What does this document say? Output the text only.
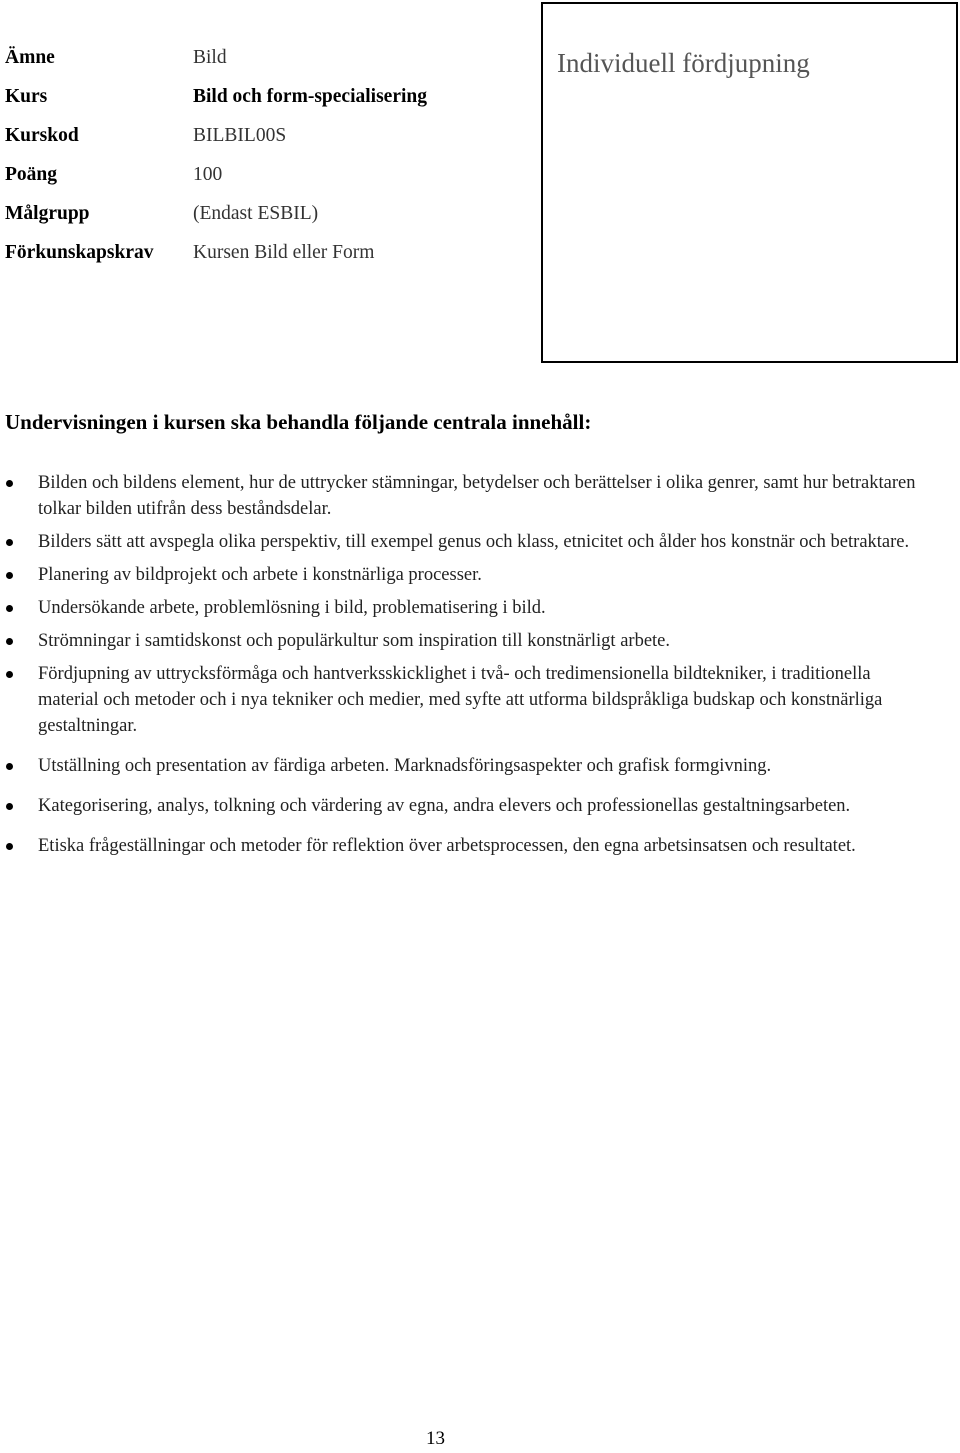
Ämne	Bild
Kurs	Bild och form-specialisering
Kurskod	BILBIL00S
Poäng	100
Målgrupp	(Endast ESBIL)
Förkunskapskrav	Kursen Bild eller Form
Individuell fördjupning
Undervisningen i kursen ska behandla följande centrala innehåll:
Bilden och bildens element, hur de uttrycker stämningar, betydelser och berättelser i olika genrer, samt hur betraktaren tolkar bilden utifrån dess beståndsdelar.
Bilders sätt att avspegla olika perspektiv, till exempel genus och klass, etnicitet och ålder hos konstnär och betraktare.
Planering av bildprojekt och arbete i konstnärliga processer.
Undersökande arbete, problemlösning i bild, problematisering i bild.
Strömningar i samtidskonst och populärkultur som inspiration till konstnärligt arbete.
Fördjupning av uttrycksförmåga och hantverksskicklighet i två- och tredimensionella bildtekniker, i traditionella material och metoder och i nya tekniker och medier, med syfte att utforma bildspråkliga budskap och konstnärliga gestaltningar.
Utställning och presentation av färdiga arbeten. Marknadsföringsaspekter och grafisk formgivning.
Kategorisering, analys, tolkning och värdering av egna, andra elevers och professionellas gestaltningsarbeten.
Etiska frågeställningar och metoder för reflektion över arbetsprocessen, den egna arbetsinsatsen och resultatet.
13
